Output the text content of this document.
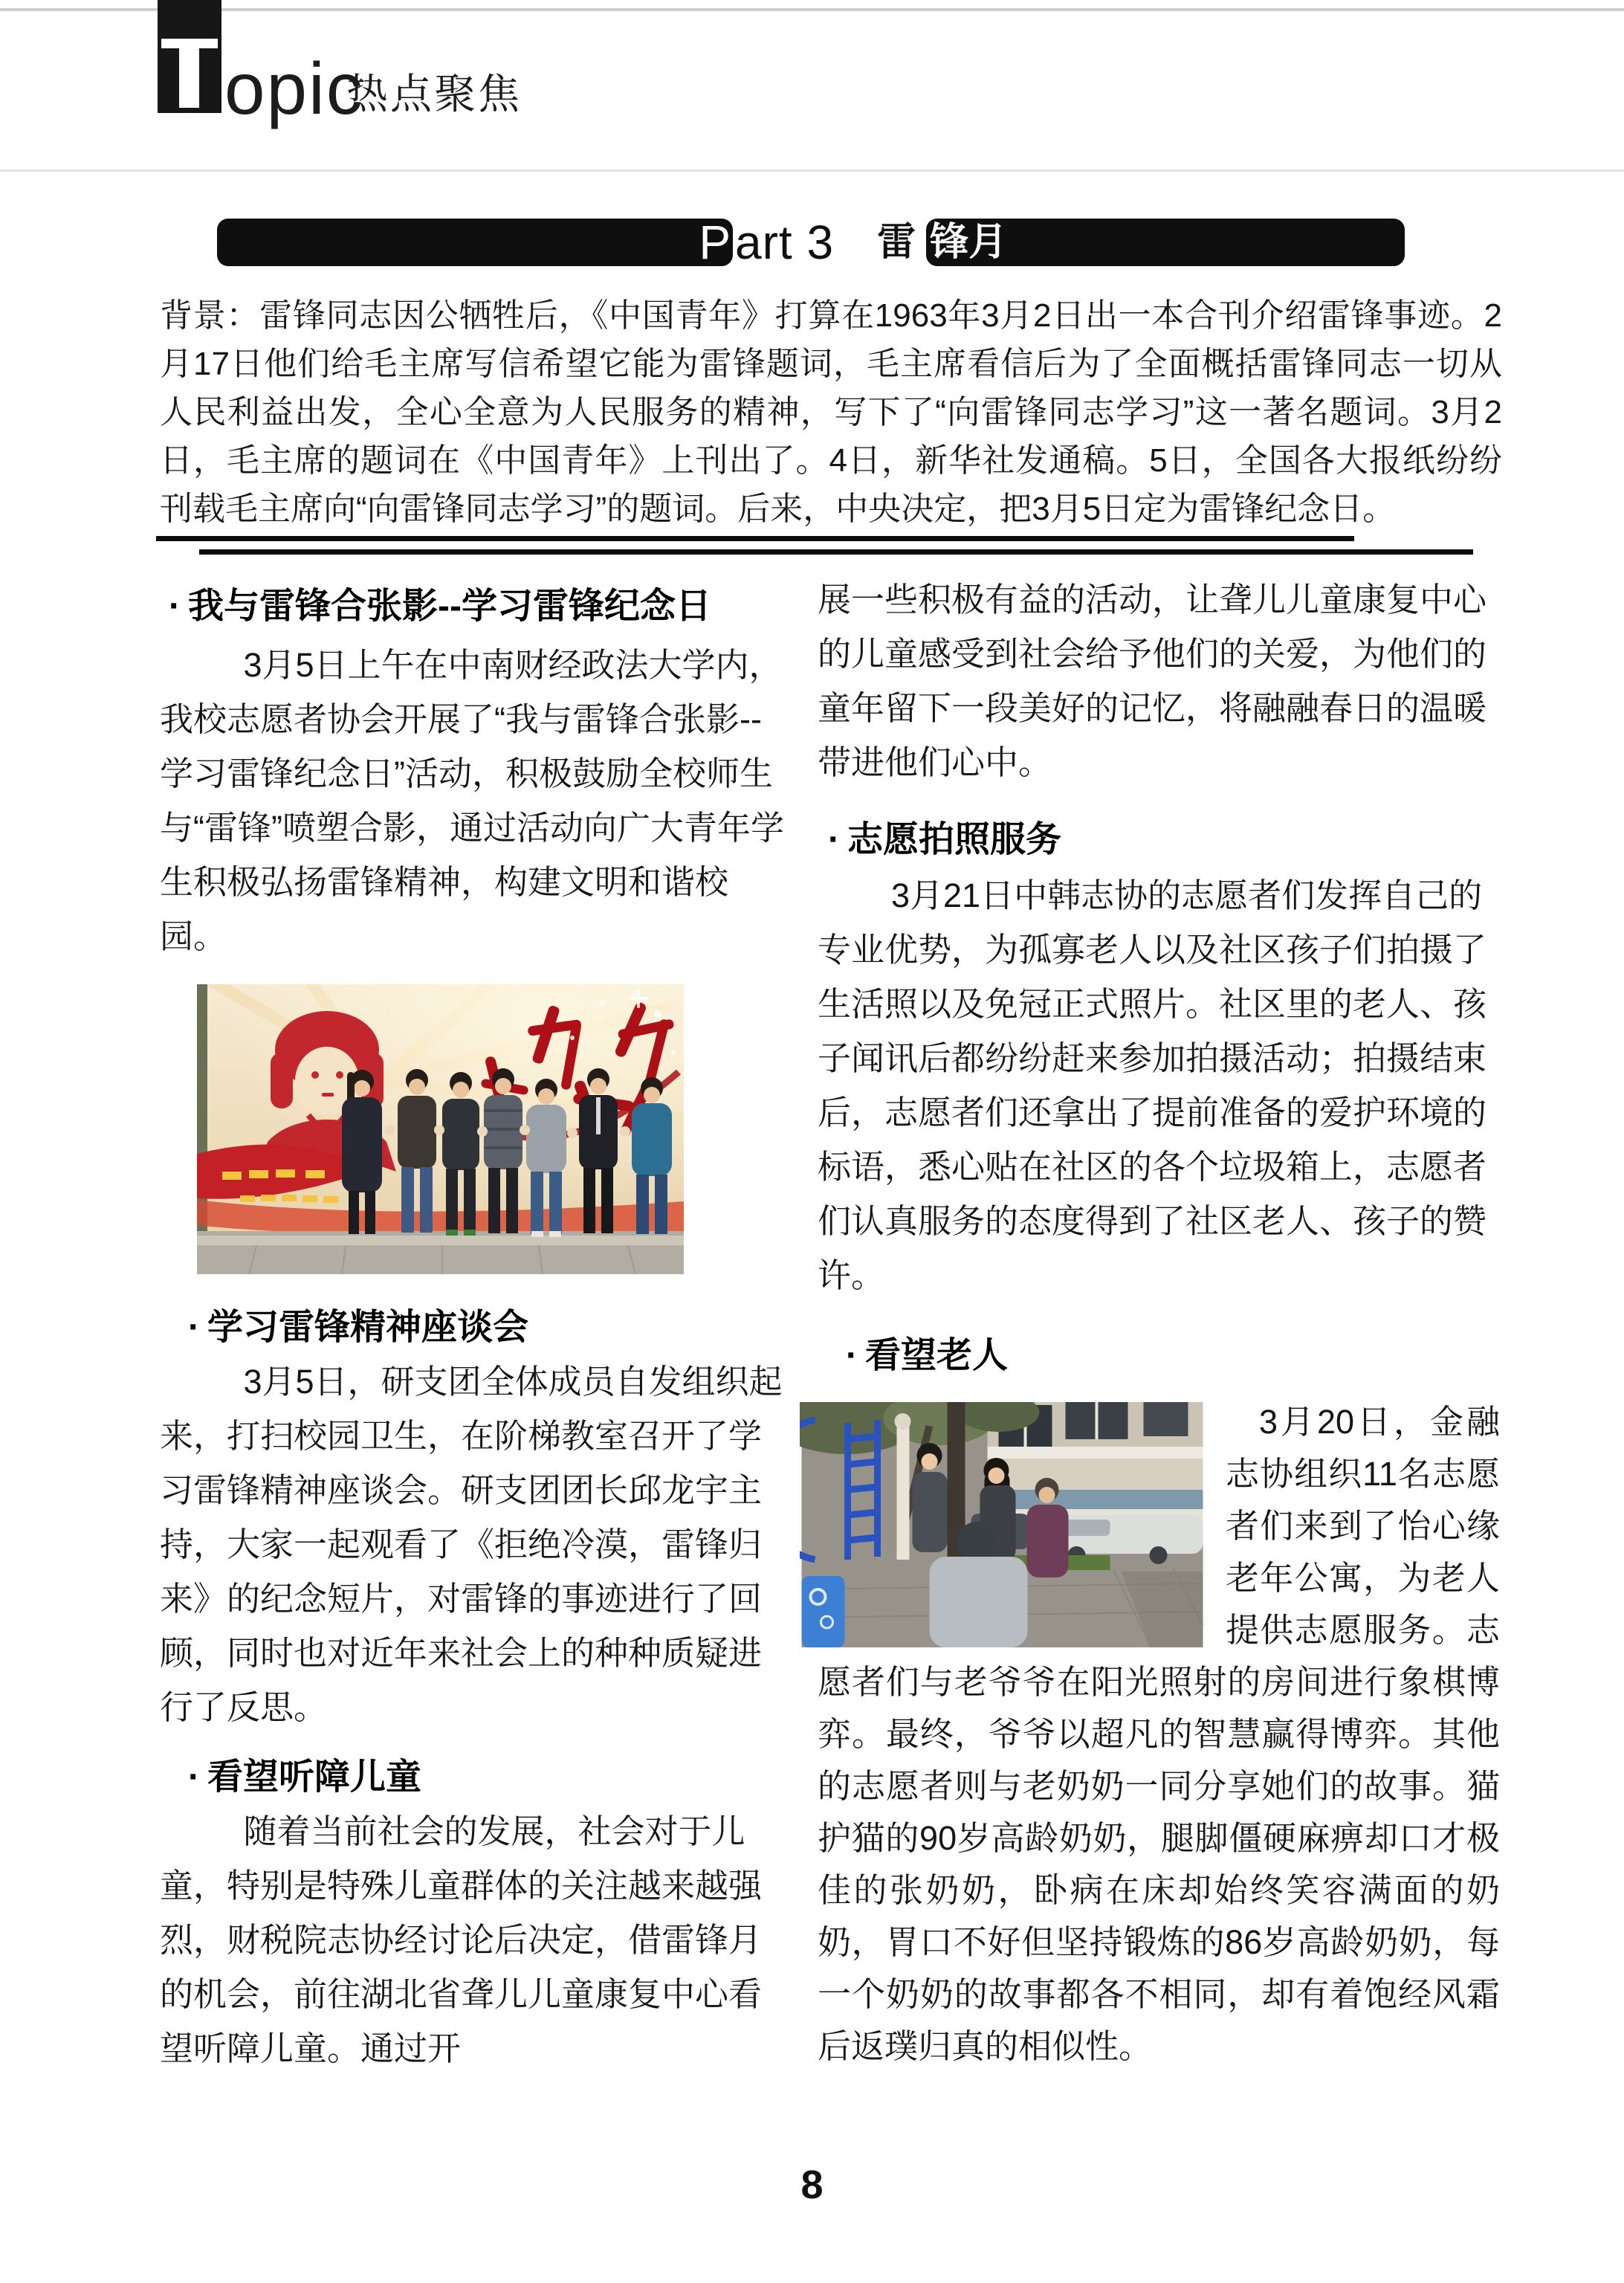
opic
热点聚焦
P art 3 雷 锋月
背景：雷锋同志因公牺牲后，《中国青年》打算在1963年3月2日出一本合刊介绍雷锋事迹。2月17日他们给毛主席写信希望它能为雷锋题词，毛主席看信后为了全面概括雷锋同志一切从人民利益出发，全心全意为人民服务的精神，写下了“向雷锋同志学习”这一著名题词。3月2日，毛主席的题词在《中国青年》上刊出了。4日，新华社发通稿。5日，全国各大报纸纷纷刊载毛主席向“向雷锋同志学习”的题词。后来，中央决定，把3月5日定为雷锋纪念日。
· 我与雷锋合张影--学习雷锋纪念日

3月5日上午在中南财经政法大学内，我校志愿者协会开展了“我与雷锋合张影--学习雷锋纪念日”活动，积极鼓励全校师生与“雷锋”喷塑合影，通过活动向广大青年学生积极弘扬雷锋精神，构建文明和谐校园。

· 学习雷锋精神座谈会

3月5日，研支团全体成员自发组织起来，打扫校园卫生，在阶梯教室召开了学习雷锋精神座谈会。研支团团长邱龙宇主持，大家一起观看了《拒绝冷漠，雷锋归来》的纪念短片，对雷锋的事迹进行了回顾，同时也对近年来社会上的种种质疑进行了反思。

· 看望听障儿童

随着当前社会的发展，社会对于儿童，特别是特殊儿童群体的关注越来越强烈，财税院志协经讨论后决定，借雷锋月的机会，前往湖北省聋儿儿童康复中心看望听障儿童。通过开

展一些积极有益的活动，让聋儿儿童康复中心的儿童感受到社会给予他们的关爱，为他们的童年留下一段美好的记忆，将融融春日的温暖带进他们心中。

· 志愿拍照服务

3月21日中韩志协的志愿者们发挥自己的专业优势，为孤寡老人以及社区孩子们拍摄了生活照以及免冠正式照片。社区里的老人、孩子闻讯后都纷纷赶来参加拍摄活动；拍摄结束后，志愿者们还拿出了提前准备的爱护环境的标语，悉心贴在社区的各个垃圾箱上，志愿者们认真服务的态度得到了社区老人、孩子的赞许。

· 看望老人

3月20日，金融志协组织11名志愿者们来到了怡心缘老年公寓，为老人提供志愿服务。志愿者们与老爷爷在阳光照射的房间进行象棋博弈。最终，爷爷以超凡的智慧赢得博弈。其他的志愿者则与老奶奶一同分享她们的故事。猫护猫的90岁高龄奶奶，腿脚僵硬麻痹却口才极佳的张奶奶，卧病在床却始终笑容满面的奶奶，胃口不好但坚持锻炼的86岁高龄奶奶，每一个奶奶的故事都各不相同，却有着饱经风霜后返璞归真的相似性。

8
